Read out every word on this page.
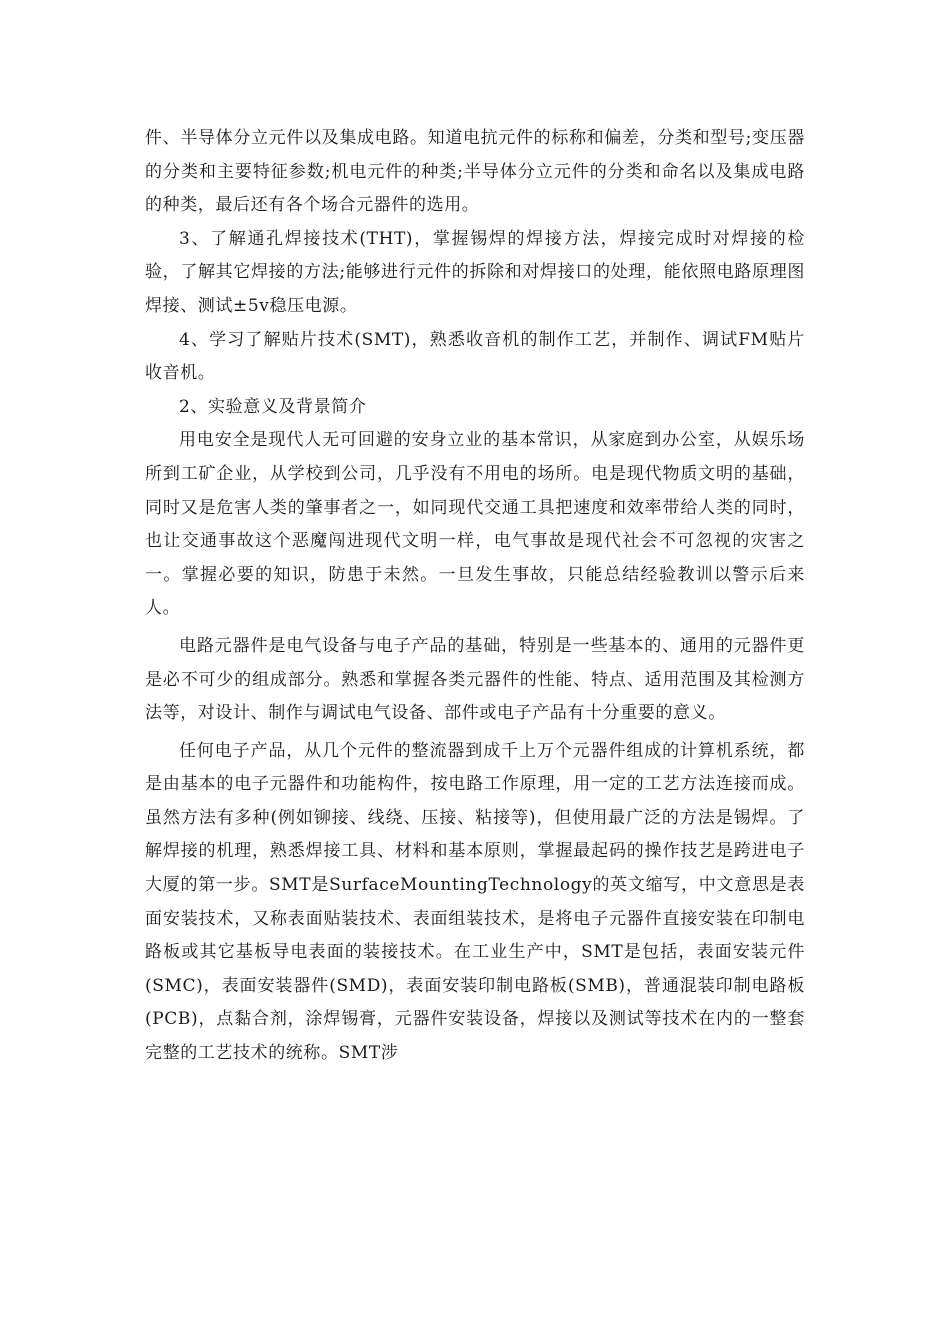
件、半导体分立元件以及集成电路。知道电抗元件的标称和偏差，分类和型号;变压器的分类和主要特征参数;机电元件的种类;半导体分立元件的分类和命名以及集成电路的种类，最后还有各个场合元器件的选用。

3、了解通孔焊接技术(THT)，掌握锡焊的焊接方法，焊接完成时对焊接的检验，了解其它焊接的方法;能够进行元件的拆除和对焊接口的处理，能依照电路原理图焊接、测试±5v稳压电源。

4、学习了解贴片技术(SMT)，熟悉收音机的制作工艺，并制作、调试FM贴片收音机。

2、实验意义及背景简介

用电安全是现代人无可回避的安身立业的基本常识，从家庭到办公室，从娱乐场所到工矿企业，从学校到公司，几乎没有不用电的场所。电是现代物质文明的基础，同时又是危害人类的肇事者之一，如同现代交通工具把速度和效率带给人类的同时，也让交通事故这个恶魔闯进现代文明一样，电气事故是现代社会不可忽视的灾害之一。掌握必要的知识，防患于未然。一旦发生事故，只能总结经验教训以警示后来人。

电路元器件是电气设备与电子产品的基础，特别是一些基本的、通用的元器件更是必不可少的组成部分。熟悉和掌握各类元器件的性能、特点、适用范围及其检测方法等，对设计、制作与调试电气设备、部件或电子产品有十分重要的意义。

任何电子产品，从几个元件的整流器到成千上万个元器件组成的计算机系统，都是由基本的电子元器件和功能构件，按电路工作原理，用一定的工艺方法连接而成。虽然方法有多种(例如铆接、线绕、压接、粘接等)，但使用最广泛的方法是锡焊。了解焊接的机理，熟悉焊接工具、材料和基本原则，掌握最起码的操作技艺是跨进电子大厦的第一步。SMT是SurfaceMountingTechnology的英文缩写，中文意思是表面安装技术，又称表面贴装技术、表面组装技术，是将电子元器件直接安装在印制电路板或其它基板导电表面的装接技术。在工业生产中，SMT是包括，表面安装元件(SMC)，表面安装器件(SMD)，表面安装印制电路板(SMB)，普通混装印制电路板(PCB)，点黏合剂，涂焊锡膏，元器件安装设备，焊接以及测试等技术在内的一整套完整的工艺技术的统称。SMT涉
